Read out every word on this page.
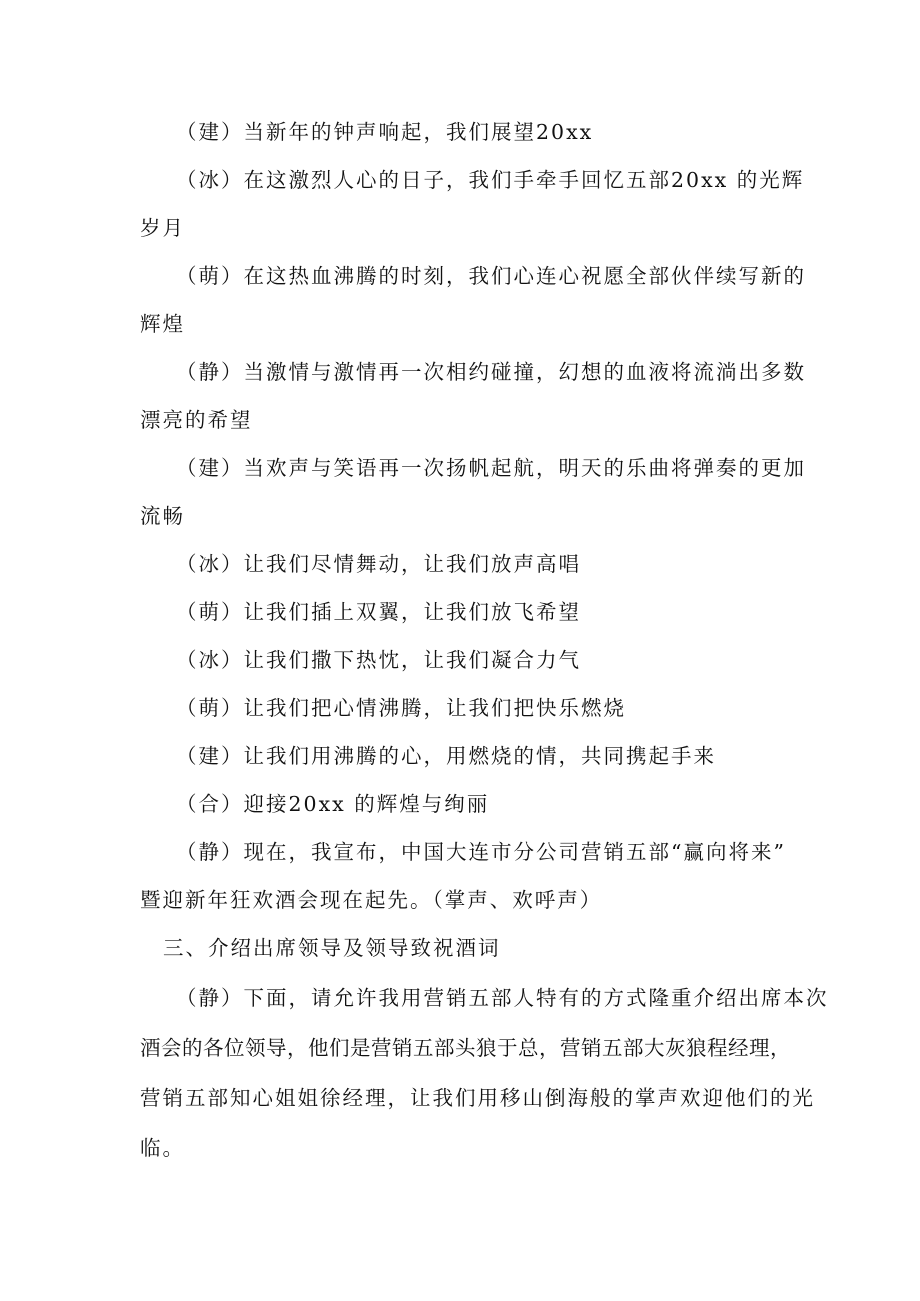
（建）当新年的钟声响起，我们展望20xx
（冰）在这激烈人心的日子，我们手牵手回忆五部20xx 的光辉
岁月
（萌）在这热血沸腾的时刻，我们心连心祝愿全部伙伴续写新的
辉煌
（静）当激情与激情再一次相约碰撞，幻想的血液将流淌出多数
漂亮的希望
（建）当欢声与笑语再一次扬帆起航，明天的乐曲将弹奏的更加
流畅
（冰）让我们尽情舞动，让我们放声高唱
（萌）让我们插上双翼，让我们放飞希望
（冰）让我们撒下热忱，让我们凝合力气
（萌）让我们把心情沸腾，让我们把快乐燃烧
（建）让我们用沸腾的心，用燃烧的情，共同携起手来
（合）迎接20xx 的辉煌与绚丽
（静）现在，我宣布，中国大连市分公司营销五部“赢向将来”
暨迎新年狂欢酒会现在起先。（掌声、欢呼声）
三、介绍出席领导及领导致祝酒词
（静）下面，请允许我用营销五部人特有的方式隆重介绍出席本次
酒会的各位领导，他们是营销五部头狼于总，营销五部大灰狼程经理，
营销五部知心姐姐徐经理，让我们用移山倒海般的掌声欢迎他们的光
临。
